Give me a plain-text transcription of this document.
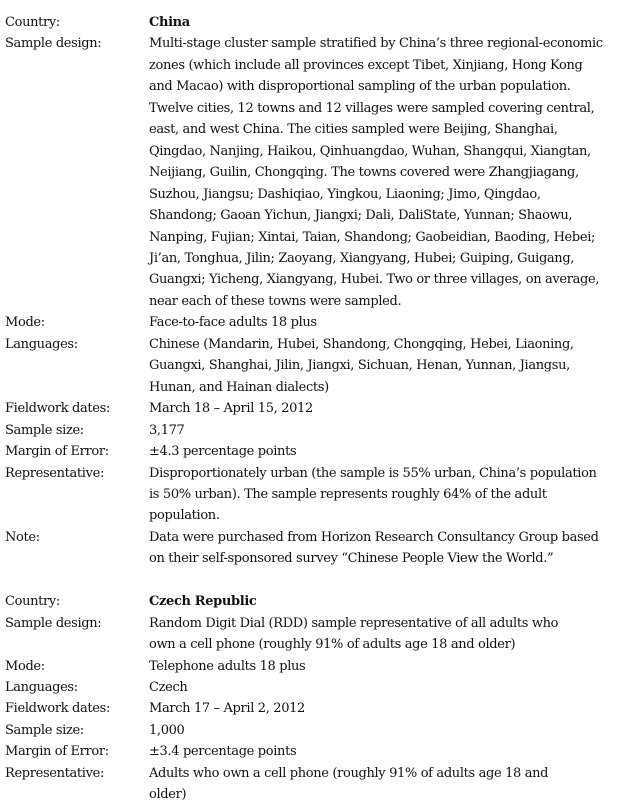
Country:	China
Sample design:	Multi-stage cluster sample stratified by China’s three regional-economic
zones (which include all provinces except Tibet, Xinjiang, Hong Kong
and Macao) with disproportional sampling of the urban population.
Twelve cities, 12 towns and 12 villages were sampled covering central,
east, and west China. The cities sampled were Beijing, Shanghai,
Qingdao, Nanjing, Haikou, Qinhuangdao, Wuhan, Shangqui, Xiangtan,
Neijiang, Guilin, Chongqing. The towns covered were Zhangjiagang,
Suzhou, Jiangsu; Dashiqiao, Yingkou, Liaoning; Jimo, Qingdao,
Shandong; Gaoan Yichun, Jiangxi; Dali, DaliState, Yunnan; Shaowu,
Nanping, Fujian; Xintai, Taian, Shandong; Gaobeidian, Baoding, Hebei;
Ji’an, Tonghua, Jilin; Zaoyang, Xiangyang, Hubei; Guiping, Guigang,
Guangxi; Yicheng, Xiangyang, Hubei. Two or three villages, on average,
near each of these towns were sampled.
Mode:	Face-to-face adults 18 plus
Languages:	Chinese (Mandarin, Hubei, Shandong, Chongqing, Hebei, Liaoning,
Guangxi, Shanghai, Jilin, Jiangxi, Sichuan, Henan, Yunnan, Jiangsu,
Hunan, and Hainan dialects)
Fieldwork dates:	March 18 – April 15, 2012
Sample size:	3,177
Margin of Error:	±4.3 percentage points
Representative:	Disproportionately urban (the sample is 55% urban, China’s population
is 50% urban). The sample represents roughly 64% of the adult
population.
Note:	Data were purchased from Horizon Research Consultancy Group based
on their self-sponsored survey “Chinese People View the World.”
Country:	Czech Republic
Sample design:	Random Digit Dial (RDD) sample representative of all adults who
own a cell phone (roughly 91% of adults age 18 and older)
Mode:	Telephone adults 18 plus
Languages:	Czech
Fieldwork dates:	March 17 – April 2, 2012
Sample size:	1,000
Margin of Error:	±3.4 percentage points
Representative:	Adults who own a cell phone (roughly 91% of adults age 18 and
older)
